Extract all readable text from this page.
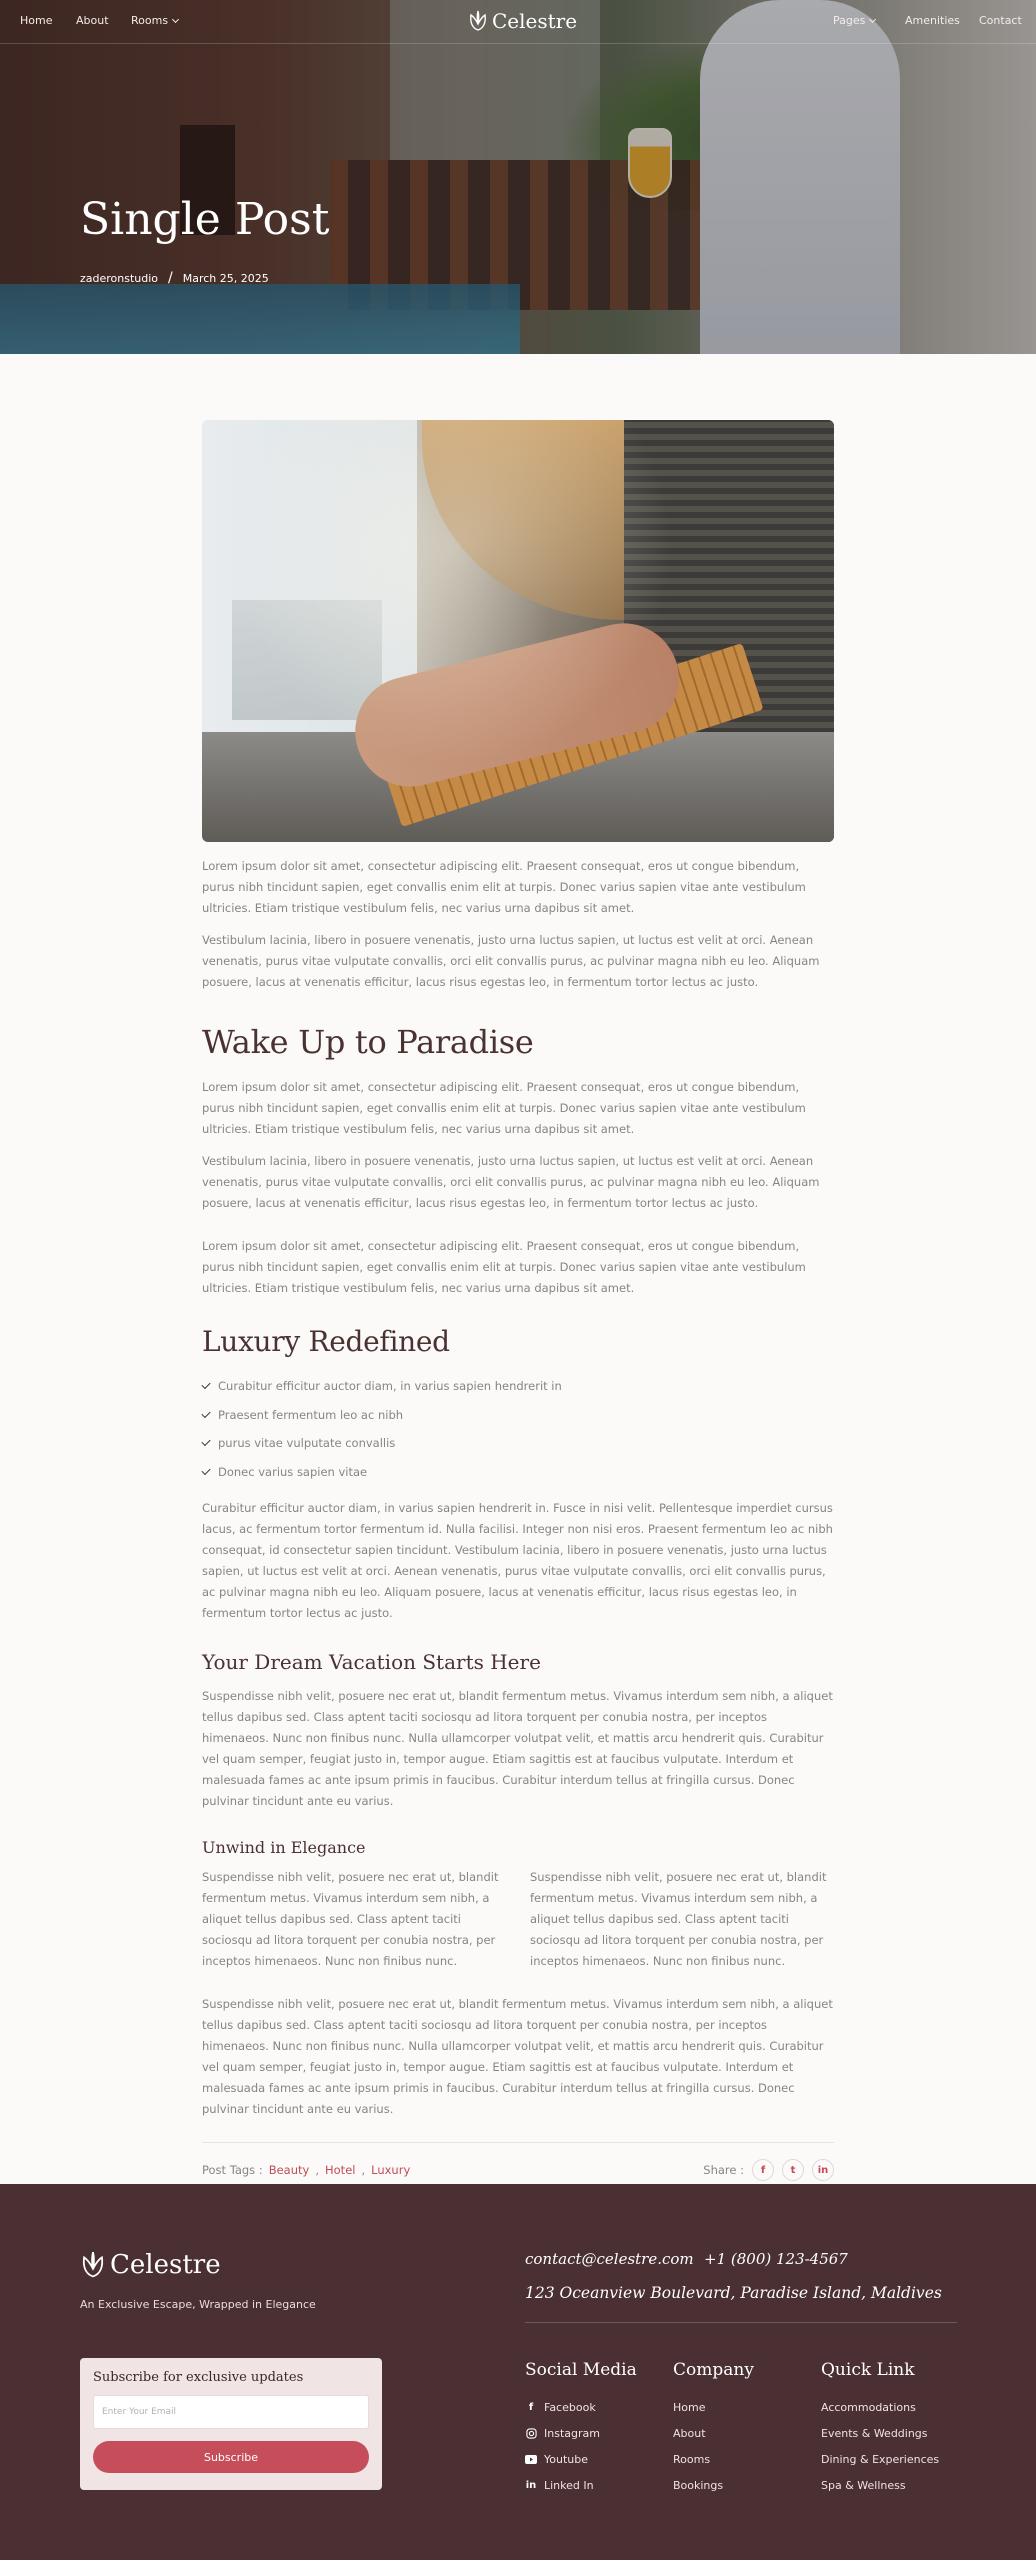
Home About Rooms	Celestre	Pages	Amenities Contact
Single Post
zaderonstudio / March 25, 2025

Lorem ipsum dolor sit amet, consectetur adipiscing elit. Praesent consequat, eros ut congue bibendum, purus nibh tincidunt sapien, eget convallis enim elit at turpis. Donec varius sapien vitae ante vestibulum ultricies. Etiam tristique vestibulum felis, nec varius urna dapibus sit amet.

Vestibulum lacinia, libero in posuere venenatis, justo urna luctus sapien, ut luctus est velit at orci. Aenean venenatis, purus vitae vulputate convallis, orci elit convallis purus, ac pulvinar magna nibh eu leo. Aliquam posuere, lacus at venenatis efficitur, lacus risus egestas leo, in fermentum tortor lectus ac justo.

Wake Up to Paradise

Lorem ipsum dolor sit amet, consectetur adipiscing elit. Praesent consequat, eros ut congue bibendum, purus nibh tincidunt sapien, eget convallis enim elit at turpis. Donec varius sapien vitae ante vestibulum ultricies. Etiam tristique vestibulum felis, nec varius urna dapibus sit amet.

Vestibulum lacinia, libero in posuere venenatis, justo urna luctus sapien, ut luctus est velit at orci. Aenean venenatis, purus vitae vulputate convallis, orci elit convallis purus, ac pulvinar magna nibh eu leo. Aliquam posuere, lacus at venenatis efficitur, lacus risus egestas leo, in fermentum tortor lectus ac justo.

Lorem ipsum dolor sit amet, consectetur adipiscing elit. Praesent consequat, eros ut congue bibendum, purus nibh tincidunt sapien, eget convallis enim elit at turpis. Donec varius sapien vitae ante vestibulum ultricies. Etiam tristique vestibulum felis, nec varius urna dapibus sit amet.

Luxury Redefined
Curabitur efficitur auctor diam, in varius sapien hendrerit in
Praesent fermentum leo ac nibh
purus vitae vulputate convallis
Donec varius sapien vitae

Curabitur efficitur auctor diam, in varius sapien hendrerit in. Fusce in nisi velit. Pellentesque imperdiet cursus lacus, ac fermentum tortor fermentum id. Nulla facilisi. Integer non nisi eros. Praesent fermentum leo ac nibh consequat, id consectetur sapien tincidunt. Vestibulum lacinia, libero in posuere venenatis, justo urna luctus sapien, ut luctus est velit at orci. Aenean venenatis, purus vitae vulputate convallis, orci elit convallis purus, ac pulvinar magna nibh eu leo. Aliquam posuere, lacus at venenatis efficitur, lacus risus egestas leo, in fermentum tortor lectus ac justo.

Your Dream Vacation Starts Here

Suspendisse nibh velit, posuere nec erat ut, blandit fermentum metus. Vivamus interdum sem nibh, a aliquet tellus dapibus sed. Class aptent taciti sociosqu ad litora torquent per conubia nostra, per inceptos himenaeos. Nunc non finibus nunc. Nulla ullamcorper volutpat velit, et mattis arcu hendrerit quis. Curabitur vel quam semper, feugiat justo in, tempor augue. Etiam sagittis est at faucibus vulputate. Interdum et malesuada fames ac ante ipsum primis in faucibus. Curabitur interdum tellus at fringilla cursus. Donec pulvinar tincidunt ante eu varius.

Unwind in Elegance

Suspendisse nibh velit, posuere nec erat ut, blandit fermentum metus. Vivamus interdum sem nibh, a aliquet tellus dapibus sed. Class aptent taciti sociosqu ad litora torquent per conubia nostra, per inceptos himenaeos. Nunc non finibus nunc.

Suspendisse nibh velit, posuere nec erat ut, blandit fermentum metus. Vivamus interdum sem nibh, a aliquet tellus dapibus sed. Class aptent taciti sociosqu ad litora torquent per conubia nostra, per inceptos himenaeos. Nunc non finibus nunc.

Suspendisse nibh velit, posuere nec erat ut, blandit fermentum metus. Vivamus interdum sem nibh, a aliquet tellus dapibus sed. Class aptent taciti sociosqu ad litora torquent per conubia nostra, per inceptos himenaeos. Nunc non finibus nunc. Nulla ullamcorper volutpat velit, et mattis arcu hendrerit quis. Curabitur vel quam semper, feugiat justo in, tempor augue. Etiam sagittis est at faucibus vulputate. Interdum et malesuada fames ac ante ipsum primis in faucibus. Curabitur interdum tellus at fringilla cursus. Donec pulvinar tincidunt ante eu varius.

Post Tags : Beauty , Hotel , Luxury	Share :	f	t	in
Celestre
An Exclusive Escape, Wrapped in Elegance
Subscribe for exclusive updates
Enter Your Email
Subscribe
contact@celestre.com +1 (800) 123-4567
123 Oceanview Boulevard, Paradise Island, Maldives
Social Media
f Facebook
Instagram
Youtube
in Linked In
Company
Home
About
Rooms
Bookings
Quick Link
Accommodations
Events & Weddings
Dining & Experiences
Spa & Wellness
